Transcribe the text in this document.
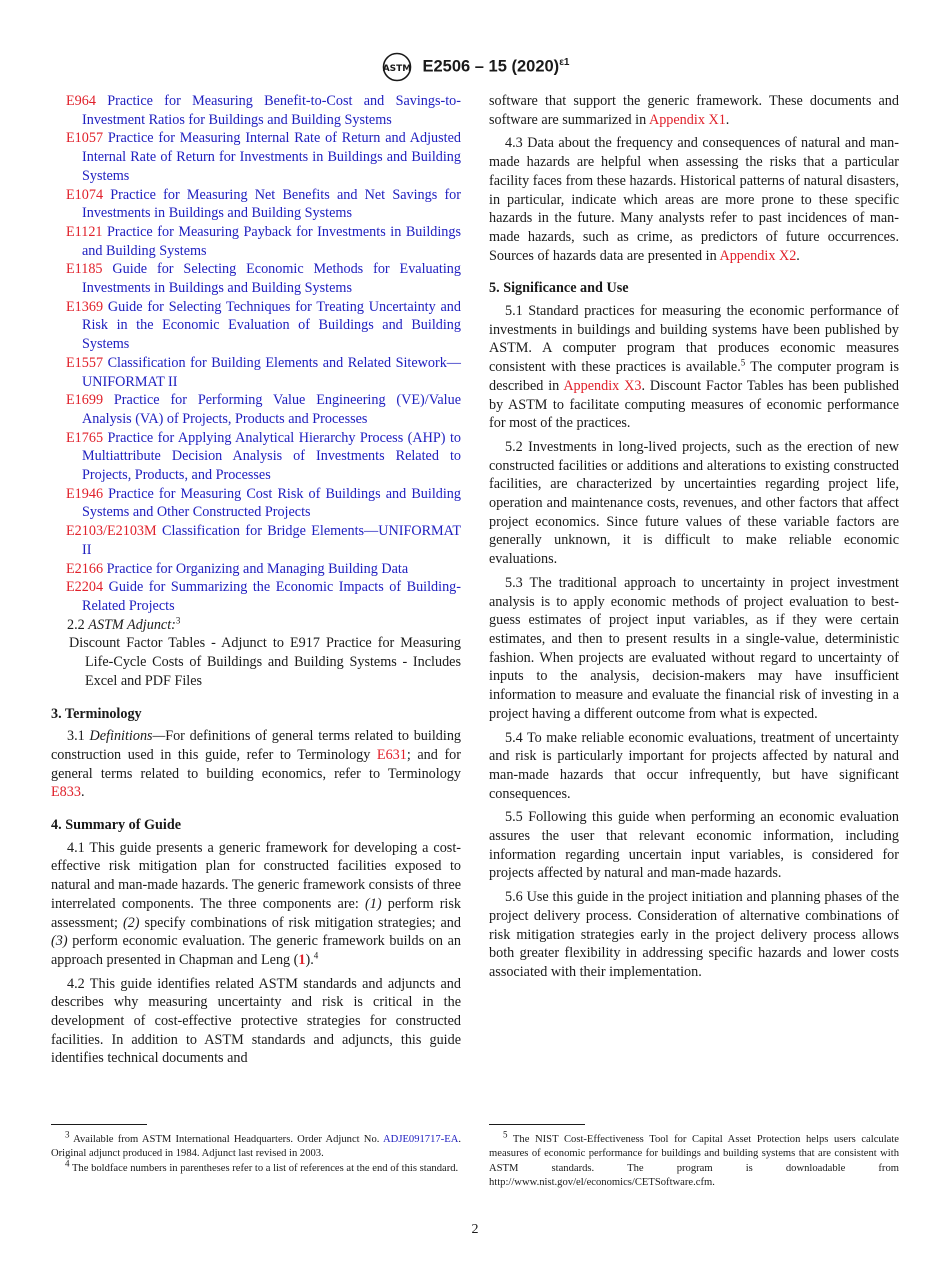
ASTM E2506 – 15 $(2020)^{\varepsilon 1}$

E964 Practice for Measuring Benefit-to-Cost and Savings-to-Investment Ratios for Buildings and Building Systems

E1057 Practice for Measuring Internal Rate of Return and Adjusted Internal Rate of Return for Investments in Buildings and Building Systems

E1074 Practice for Measuring Net Benefits and Net Savings for Investments in Buildings and Building Systems

E1121 Practice for Measuring Payback for Investments in Buildings and Building Systems

E1185 Guide for Selecting Economic Methods for Evaluating Investments in Buildings and Building Systems

E1369 Guide for Selecting Techniques for Treating Uncertainty and Risk in the Economic Evaluation of Buildings and Building Systems

E1557 Classification for Building Elements and Related Sitework—UNIFORMAT II

E1699 Practice for Performing Value Engineering (VE)/Value Analysis (VA) of Projects, Products and Processes

E1765 Practice for Applying Analytical Hierarchy Process (AHP) to Multiattribute Decision Analysis of Investments Related to Projects, Products, and Processes

E1946 Practice for Measuring Cost Risk of Buildings and Building Systems and Other Constructed Projects

E2103/E2103M Classification for Bridge Elements—UNIFORMAT II

E2166 Practice for Organizing and Managing Building Data

E2204 Guide for Summarizing the Economic Impacts of Building-Related Projects

2.2 ASTM Adjunct:$^3$

Discount Factor Tables - Adjunct to E917 Practice for Measuring Life-Cycle Costs of Buildings and Building Systems - Includes Excel and PDF Files

3. Terminology

3.1 Definitions—For definitions of general terms related to building construction used in this guide, refer to Terminology E631; and for general terms related to building economics, refer to Terminology E833.

4. Summary of Guide

4.1 This guide presents a generic framework for developing a cost-effective risk mitigation plan for constructed facilities exposed to natural and man-made hazards. The generic framework consists of three interrelated components. The three components are: (1) perform risk assessment; (2) specify combinations of risk mitigation strategies; and (3) perform economic evaluation. The generic framework builds on an approach presented in Chapman and Leng (1).$^4$

4.2 This guide identifies related ASTM standards and adjuncts and describes why measuring uncertainty and risk is critical in the development of cost-effective protective strategies for constructed facilities. In addition to ASTM standards and adjuncts, this guide identifies technical documents and

software that support the generic framework. These documents and software are summarized in Appendix X1.

4.3 Data about the frequency and consequences of natural and man-made hazards are helpful when assessing the risks that a particular facility faces from these hazards. Historical patterns of natural disasters, in particular, indicate which areas are more prone to these specific hazards in the future. Many analysts refer to past incidences of man-made hazards, such as crime, as predictors of future occurrences. Sources of hazards data are presented in Appendix X2.

5. Significance and Use

5.1 Standard practices for measuring the economic performance of investments in buildings and building systems have been published by ASTM. A computer program that produces economic measures consistent with these practices is available.$^5$ The computer program is described in Appendix X3. Discount Factor Tables has been published by ASTM to facilitate computing measures of economic performance for most of the practices.

5.2 Investments in long-lived projects, such as the erection of new constructed facilities or additions and alterations to existing constructed facilities, are characterized by uncertainties regarding project life, operation and maintenance costs, revenues, and other factors that affect project economics. Since future values of these variable factors are generally unknown, it is difficult to make reliable economic evaluations.

5.3 The traditional approach to uncertainty in project investment analysis is to apply economic methods of project evaluation to best-guess estimates of project input variables, as if they were certain estimates, and then to present results in a single-value, deterministic fashion. When projects are evaluated without regard to uncertainty of inputs to the analysis, decision-makers may have insufficient information to measure and evaluate the financial risk of investing in a project having a different outcome from what is expected.

5.4 To make reliable economic evaluations, treatment of uncertainty and risk is particularly important for projects affected by natural and man-made hazards that occur infrequently, but have significant consequences.

5.5 Following this guide when performing an economic evaluation assures the user that relevant economic information, including information regarding uncertain input variables, is considered for projects affected by natural and man-made hazards.

5.6 Use this guide in the project initiation and planning phases of the project delivery process. Consideration of alternative combinations of risk mitigation strategies early in the project delivery process allows both greater flexibility in addressing specific hazards and lower costs associated with their implementation.

$^3$ Available from ASTM International Headquarters. Order Adjunct No. ADJE091717-EA. Original adjunct produced in 1984. Adjunct last revised in 2003.

$^4$ The boldface numbers in parentheses refer to a list of references at the end of this standard.

$^5$ The NIST Cost-Effectiveness Tool for Capital Asset Protection helps users calculate measures of economic performance for buildings and building systems that are consistent with ASTM standards. The program is downloadable from http://www.nist.gov/el/economics/CETSoftware.cfm.

2
